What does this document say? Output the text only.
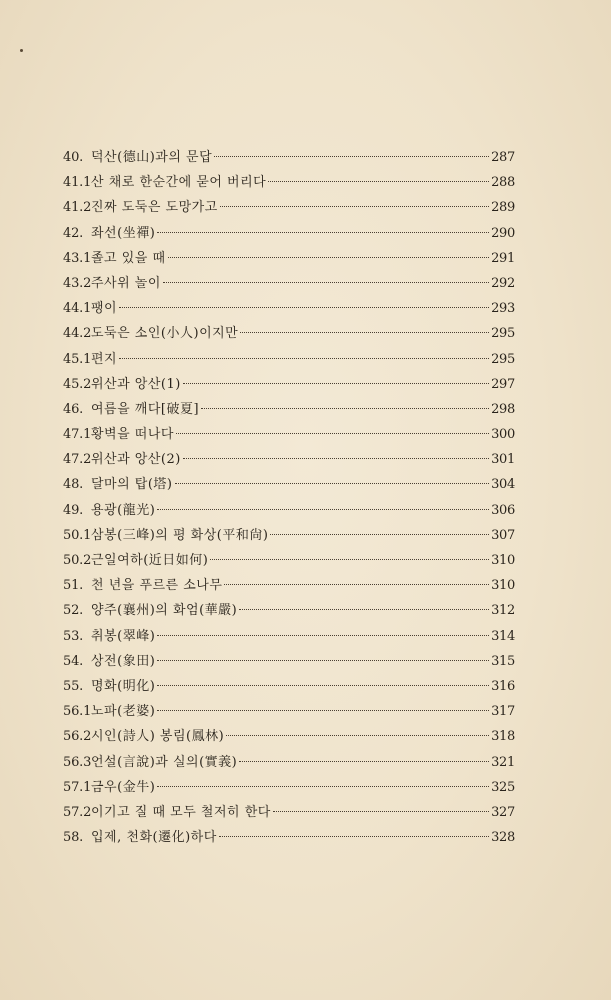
40. 덕산(德山)과의 문답	287
41.1 산 채로 한순간에 묻어 버리다	288
41.2 진짜 도둑은 도망가고	289
42. 좌선(坐禪)	290
43.1 졸고 있을 때	291
43.2 주사위 놀이	292
44.1 팽이	293
44.2 도둑은 소인(小人)이지만	295
45.1 편지	295
45.2 위산과 앙산(1)	297
46. 여름을 깨다[破夏]	298
47.1 황벽을 떠나다	300
47.2 위산과 앙산(2)	301
48. 달마의 탑(塔)	304
49. 용광(龍光)	306
50.1 삼봉(三峰)의 평 화상(平和尙)	307
50.2 근일여하(近日如何)	310
51. 천 년을 푸르른 소나무	310
52. 양주(襄州)의 화엄(華嚴)	312
53. 취봉(翠峰)	314
54. 상전(象田)	315
55. 명화(明化)	316
56.1 노파(老婆)	317
56.2 시인(詩人) 봉림(鳳林)	318
56.3 언설(言說)과 실의(實義)	321
57.1 금우(金牛)	325
57.2 이기고 질 때 모두 철저히 한다	327
58. 입제, 천화(遷化)하다	328
